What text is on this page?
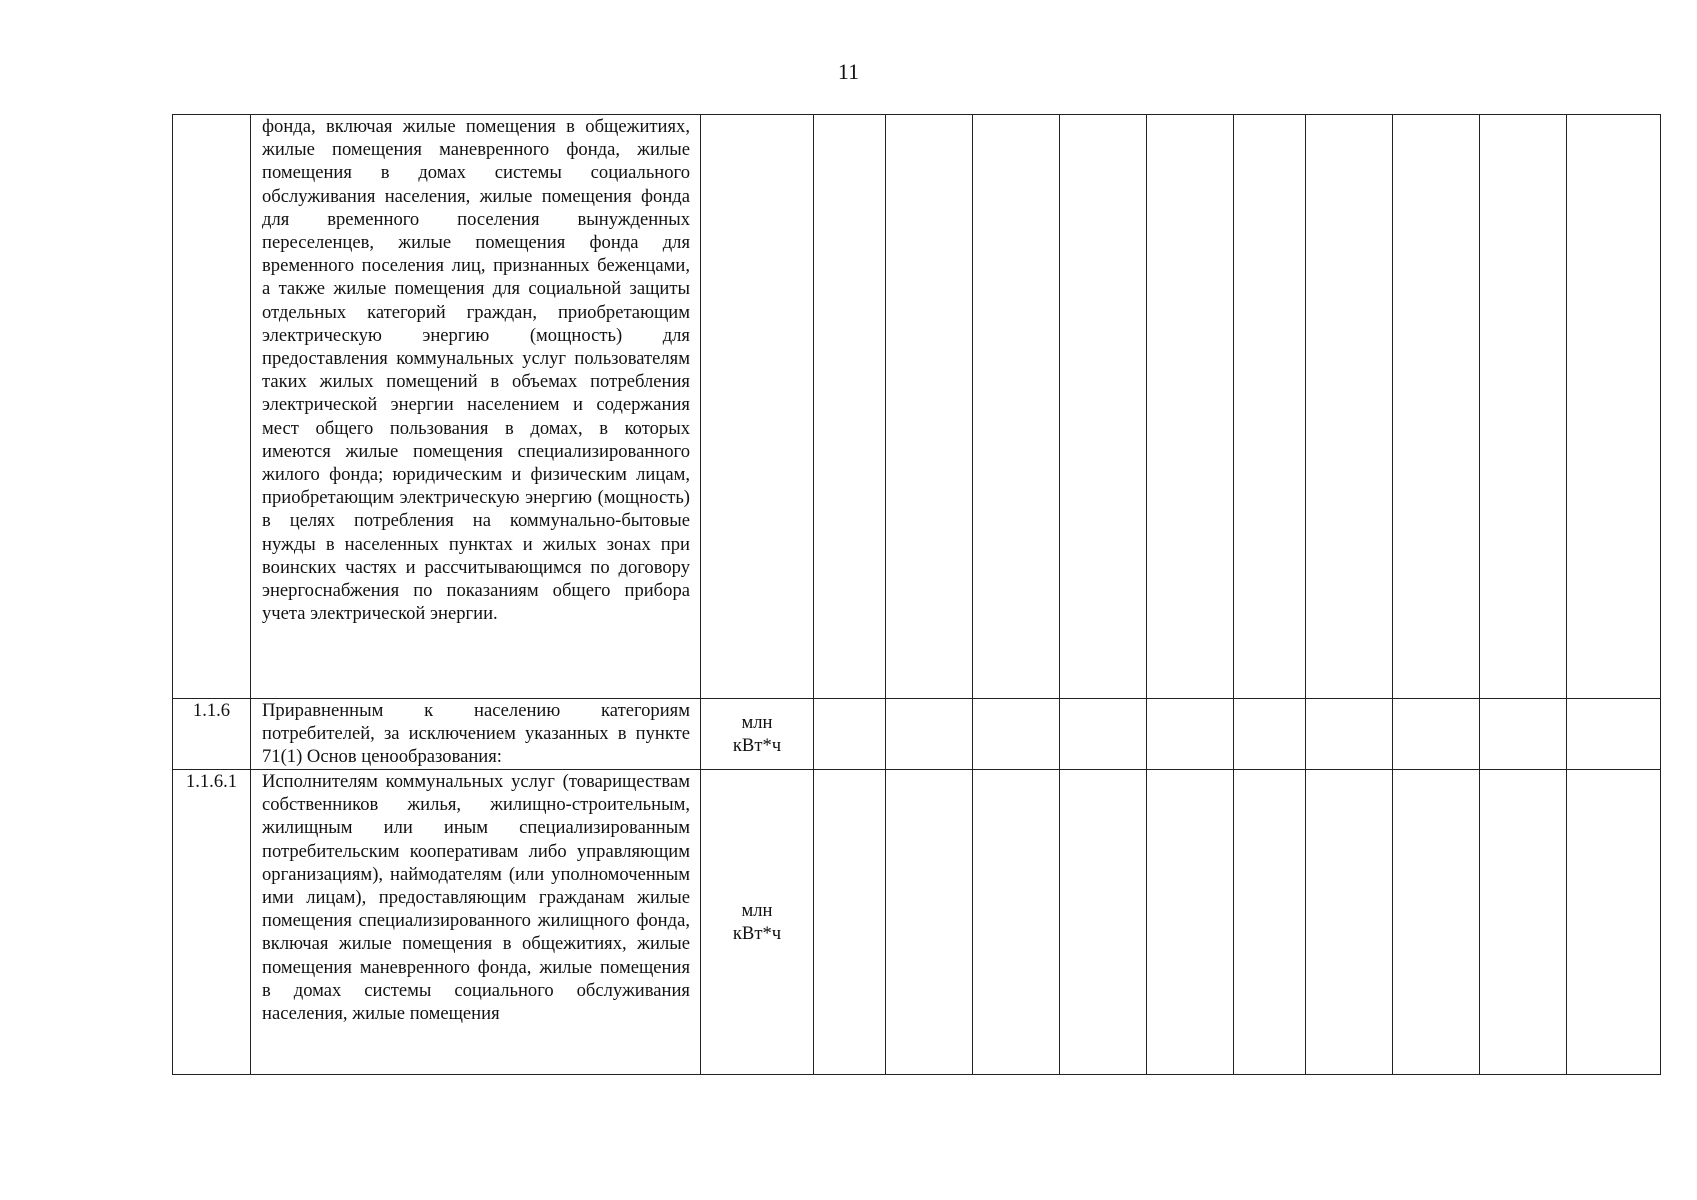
11

	фонда, включая жилые помещения в общежитиях, жилые помещения маневренного фонда, жилые помещения в домах системы социального обслуживания населения, жилые помещения фонда для временного поселения вынужденных переселенцев, жилые помещения фонда для временного поселения лиц, признанных беженцами, а также жилые помещения для социальной защиты отдельных категорий граждан, приобретающим электрическую энергию (мощность) для предоставления коммунальных услуг пользователям таких жилых помещений в объемах потребления электрической энергии населением и содержания мест общего пользования в домах, в которых имеются жилые помещения специализированного жилого фонда; юридическим и физическим лицам, приобретающим электрическую энергию (мощность) в целях потребления на коммунально-бытовые нужды в населенных пунктах и жилых зонах при воинских частях и рассчитывающимся по договору энергоснабжения по показаниям общего прибора учета электрической энергии.											

1.1.6	Приравненным к населению категориям потребителей, за исключением указанных в пункте 71(1) Основ ценообразования:	млн
кВт*ч										

1.1.6.1	Исполнителям коммунальных услуг (товариществам собственников жилья, жилищно-строительным, жилищным или иным специализированным потребительским кооперативам либо управляющим организациям), наймодателям (или уполномоченным ими лицам), предоставляющим гражданам жилые помещения специализированного жилищного фонда, включая жилые помещения в общежитиях, жилые помещения маневренного фонда, жилые помещения в домах системы социального обслуживания населения, жилые помещения	млн
кВт*ч										
